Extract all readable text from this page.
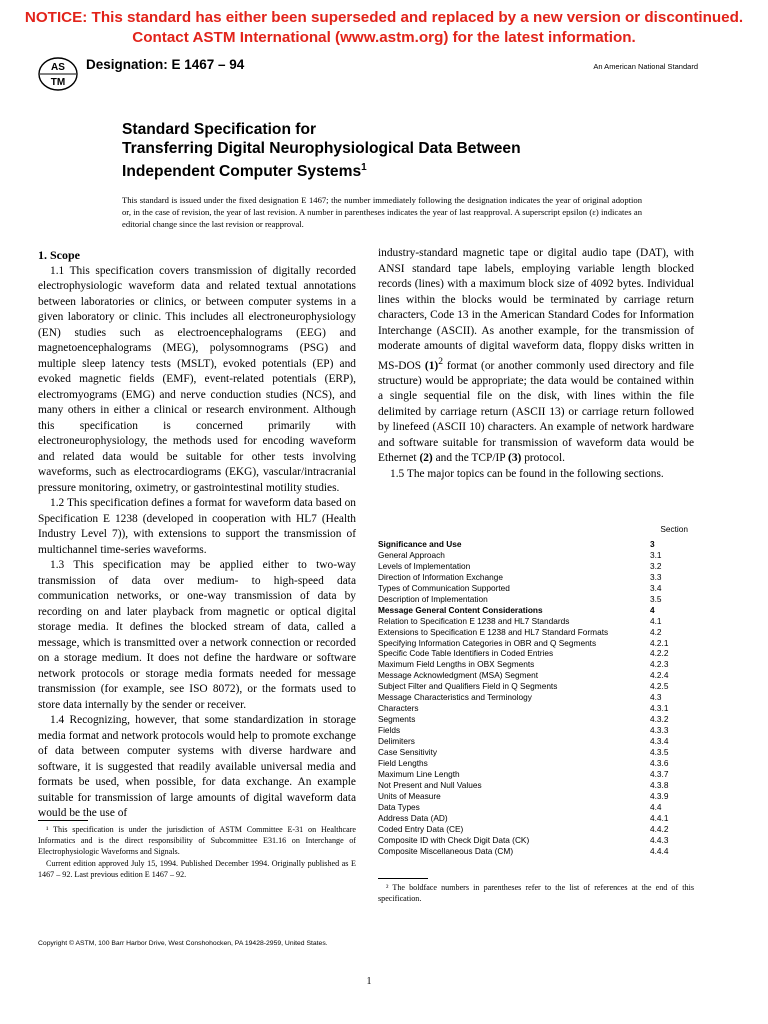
NOTICE: This standard has either been superseded and replaced by a new version or discontinued.
Contact ASTM International (www.astm.org) for the latest information.
AS
TM
Designation: E 1467 – 94	An American National Standard
Standard Specification for
Transferring Digital Neurophysiological Data Between
Independent Computer Systems$^1$
This standard is issued under the fixed designation E 1467; the number immediately following the designation indicates the year of original adoption or, in the case of revision, the year of last revision. A number in parentheses indicates the year of last reapproval. A superscript epsilon (ε) indicates an editorial change since the last revision or reapproval.

1. Scope

1.1 This specification covers transmission of digitally recorded electrophysiologic waveform data and related textual annotations between laboratories or clinics, or between computer systems in a given laboratory or clinic. This includes all electroneurophysiology (EN) studies such as electroencephalograms (EEG) and magnetoencephalograms (MEG), polysomnograms (PSG) and multiple sleep latency tests (MSLT), evoked potentials (EP) and evoked magnetic fields (EMF), event-related potentials (ERP), electromyograms (EMG) and nerve conduction studies (NCS), and many others in either a clinical or research environment. Although this specification is concerned primarily with electroneurophysiology, the methods used for encoding waveform and related data would be suitable for other tests involving waveforms, such as electrocardiograms (EKG), vascular/intracranial pressure monitoring, oximetry, or gastrointestinal motility studies.

1.2 This specification defines a format for waveform data based on Specification E 1238 (developed in cooperation with HL7 (Health Industry Level 7)), with extensions to support the transmission of multichannel time-series waveforms.

1.3 This specification may be applied either to two-way transmission of data over medium- to high-speed data communication networks, or one-way transmission of data by recording on and later playback from magnetic or optical digital storage media. It defines the blocked stream of data, called a message, which is transmitted over a network connection or recorded on a storage medium. It does not define the hardware or software network protocols or storage media formats needed for message transmission (for example, see ISO 8072), or the formats used to store data internally by the sender or receiver.

1.4 Recognizing, however, that some standardization in storage media format and network protocols would help to promote exchange of data between computer systems with diverse hardware and software, it is suggested that readily available universal media and formats be used, when possible, for data exchange. An example suitable for transmission of large amounts of digital waveform data would be the use of

industry-standard magnetic tape or digital audio tape (DAT), with ANSI standard tape labels, employing variable length blocked records (lines) with a maximum block size of 4092 bytes. Individual lines within the blocks would be terminated by carriage return characters, Code 13 in the American Standard Codes for Information Interchange (ASCII). As another example, for the transmission of moderate amounts of digital waveform data, floppy disks written in MS-DOS $(1)^2$ format (or another commonly used directory and file structure) would be appropriate; the data would be contained within a single sequential file on the disk, with lines within the file delimited by carriage return (ASCII 13) or carriage return followed by linefeed (ASCII 10) characters. An example of network hardware and software suitable for transmission of waveform data would be Ethernet (2) and the TCP/IP (3) protocol.

1.5 The major topics can be found in the following sections.

Section
Significance and Use	3
General Approach	3.1
Levels of Implementation	3.2
Direction of Information Exchange	3.3
Types of Communication Supported	3.4
Description of Implementation	3.5
Message General Content Considerations	4
Relation to Specification E 1238 and HL7 Standards	4.1
Extensions to Specification E 1238 and HL7 Standard Formats	4.2
Specifying Information Categories in OBR and Q Segments	4.2.1
Specific Code Table Identifiers in Coded Entries	4.2.2
Maximum Field Lengths in OBX Segments	4.2.3
Message Acknowledgment (MSA) Segment	4.2.4
Subject Filter and Qualifiers Field in Q Segments	4.2.5
Message Characteristics and Terminology	4.3
Characters	4.3.1
Segments	4.3.2
Fields	4.3.3
Delimiters	4.3.4
Case Sensitivity	4.3.5
Field Lengths	4.3.6
Maximum Line Length	4.3.7
Not Present and Null Values	4.3.8
Units of Measure	4.3.9
Data Types	4.4
Address Data (AD)	4.4.1
Coded Entry Data (CE)	4.4.2
Composite ID with Check Digit Data (CK)	4.4.3
Composite Miscellaneous Data (CM)	4.4.4

¹ This specification is under the jurisdiction of ASTM Committee E-31 on Healthcare Informatics and is the direct responsibility of Subcommittee E31.16 on Interchange of Electrophysiologic Waveforms and Signals.

Current edition approved July 15, 1994. Published December 1994. Originally published as E 1467 – 92. Last previous edition E 1467 – 92.

² The boldface numbers in parentheses refer to the list of references at the end of this specification.

Copyright © ASTM, 100 Barr Harbor Drive, West Conshohocken, PA 19428-2959, United States.
1
